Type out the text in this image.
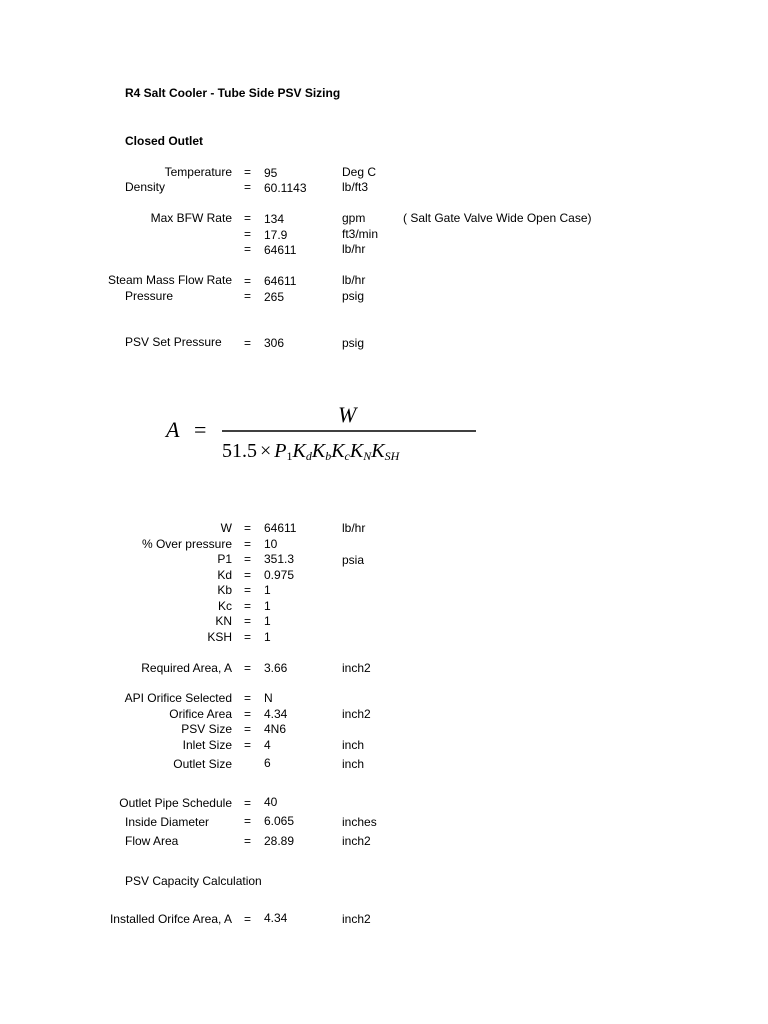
R4 Salt Cooler - Tube Side PSV Sizing
Closed Outlet
Temperature = 95	Deg C
Density	= 60.1143	lb/ft3
Max BFW Rate = 134	gpm	( Salt Gate Valve Wide Open Case)
= 17.9	ft3/min
= 64611	lb/hr
Steam Mass Flow Rate = 64611	lb/hr
Pressure	= 265	psig
PSV Set Pressure = 306	psig
A =
W
51.5 × P1KdKbKcKNKSH
W = 64611	lb/hr
% Over pressure = 10
P1 = 351.3	psia
Kd = 0.975
Kb = 1
Kc = 1
KN = 1
KSH = 1
Required Area, A = 3.66	inch2
API Orifice Selected = N
Orifice Area = 4.34	inch2
PSV Size = 4N6
Inlet Size = 4	inch
Outlet Size	6	inch
Outlet Pipe Schedule = 40
Inside Diameter	= 6.065	inches
Flow Area	= 28.89	inch2
PSV Capacity Calculation
Installed Orifce Area, A = 4.34	inch2
